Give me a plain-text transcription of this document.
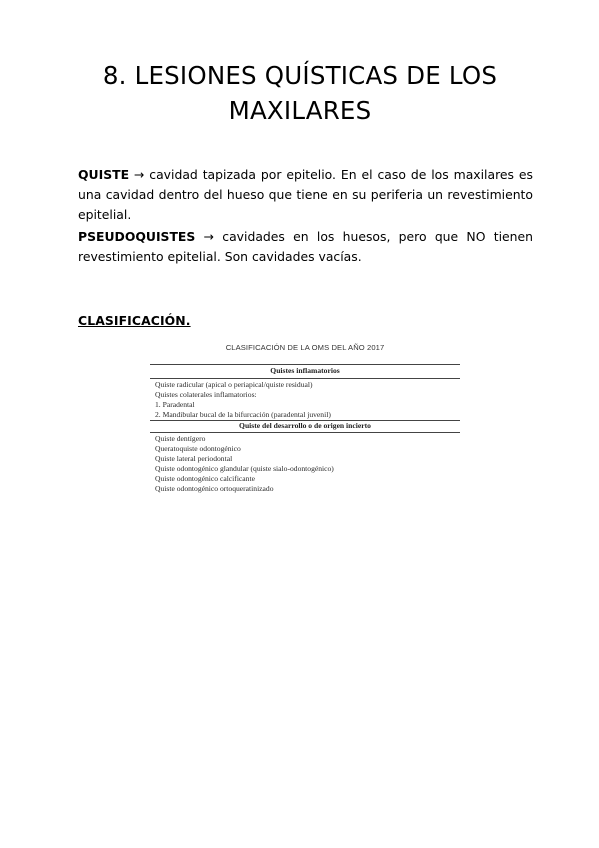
8. LESIONES QUÍSTICAS DE LOS
MAXILARES

QUISTE → cavidad tapizada por epitelio. En el caso de los maxilares es una cavidad dentro del hueso que tiene en su periferia un revestimiento epitelial.

PSEUDOQUISTES → cavidades en los huesos, pero que NO tienen revestimiento epitelial. Son cavidades vacías.

CLASIFICACIÓN.
CLASIFICACIÓN DE LA OMS DEL AÑO 2017
Quistes inflamatorios
Quiste radicular (apical o periapical/quiste residual)
Quistes colaterales inflamatorios:
1. Paradental
2. Mandibular bucal de la bifurcación (paradental juvenil)
Quiste del desarrollo o de origen incierto
Quiste dentígero
Queratoquiste odontogénico
Quiste lateral periodontal
Quiste odontogénico glandular (quiste sialo-odontogénico)
Quiste odontogénico calcificante
Quiste odontogénico ortoqueratinizado
